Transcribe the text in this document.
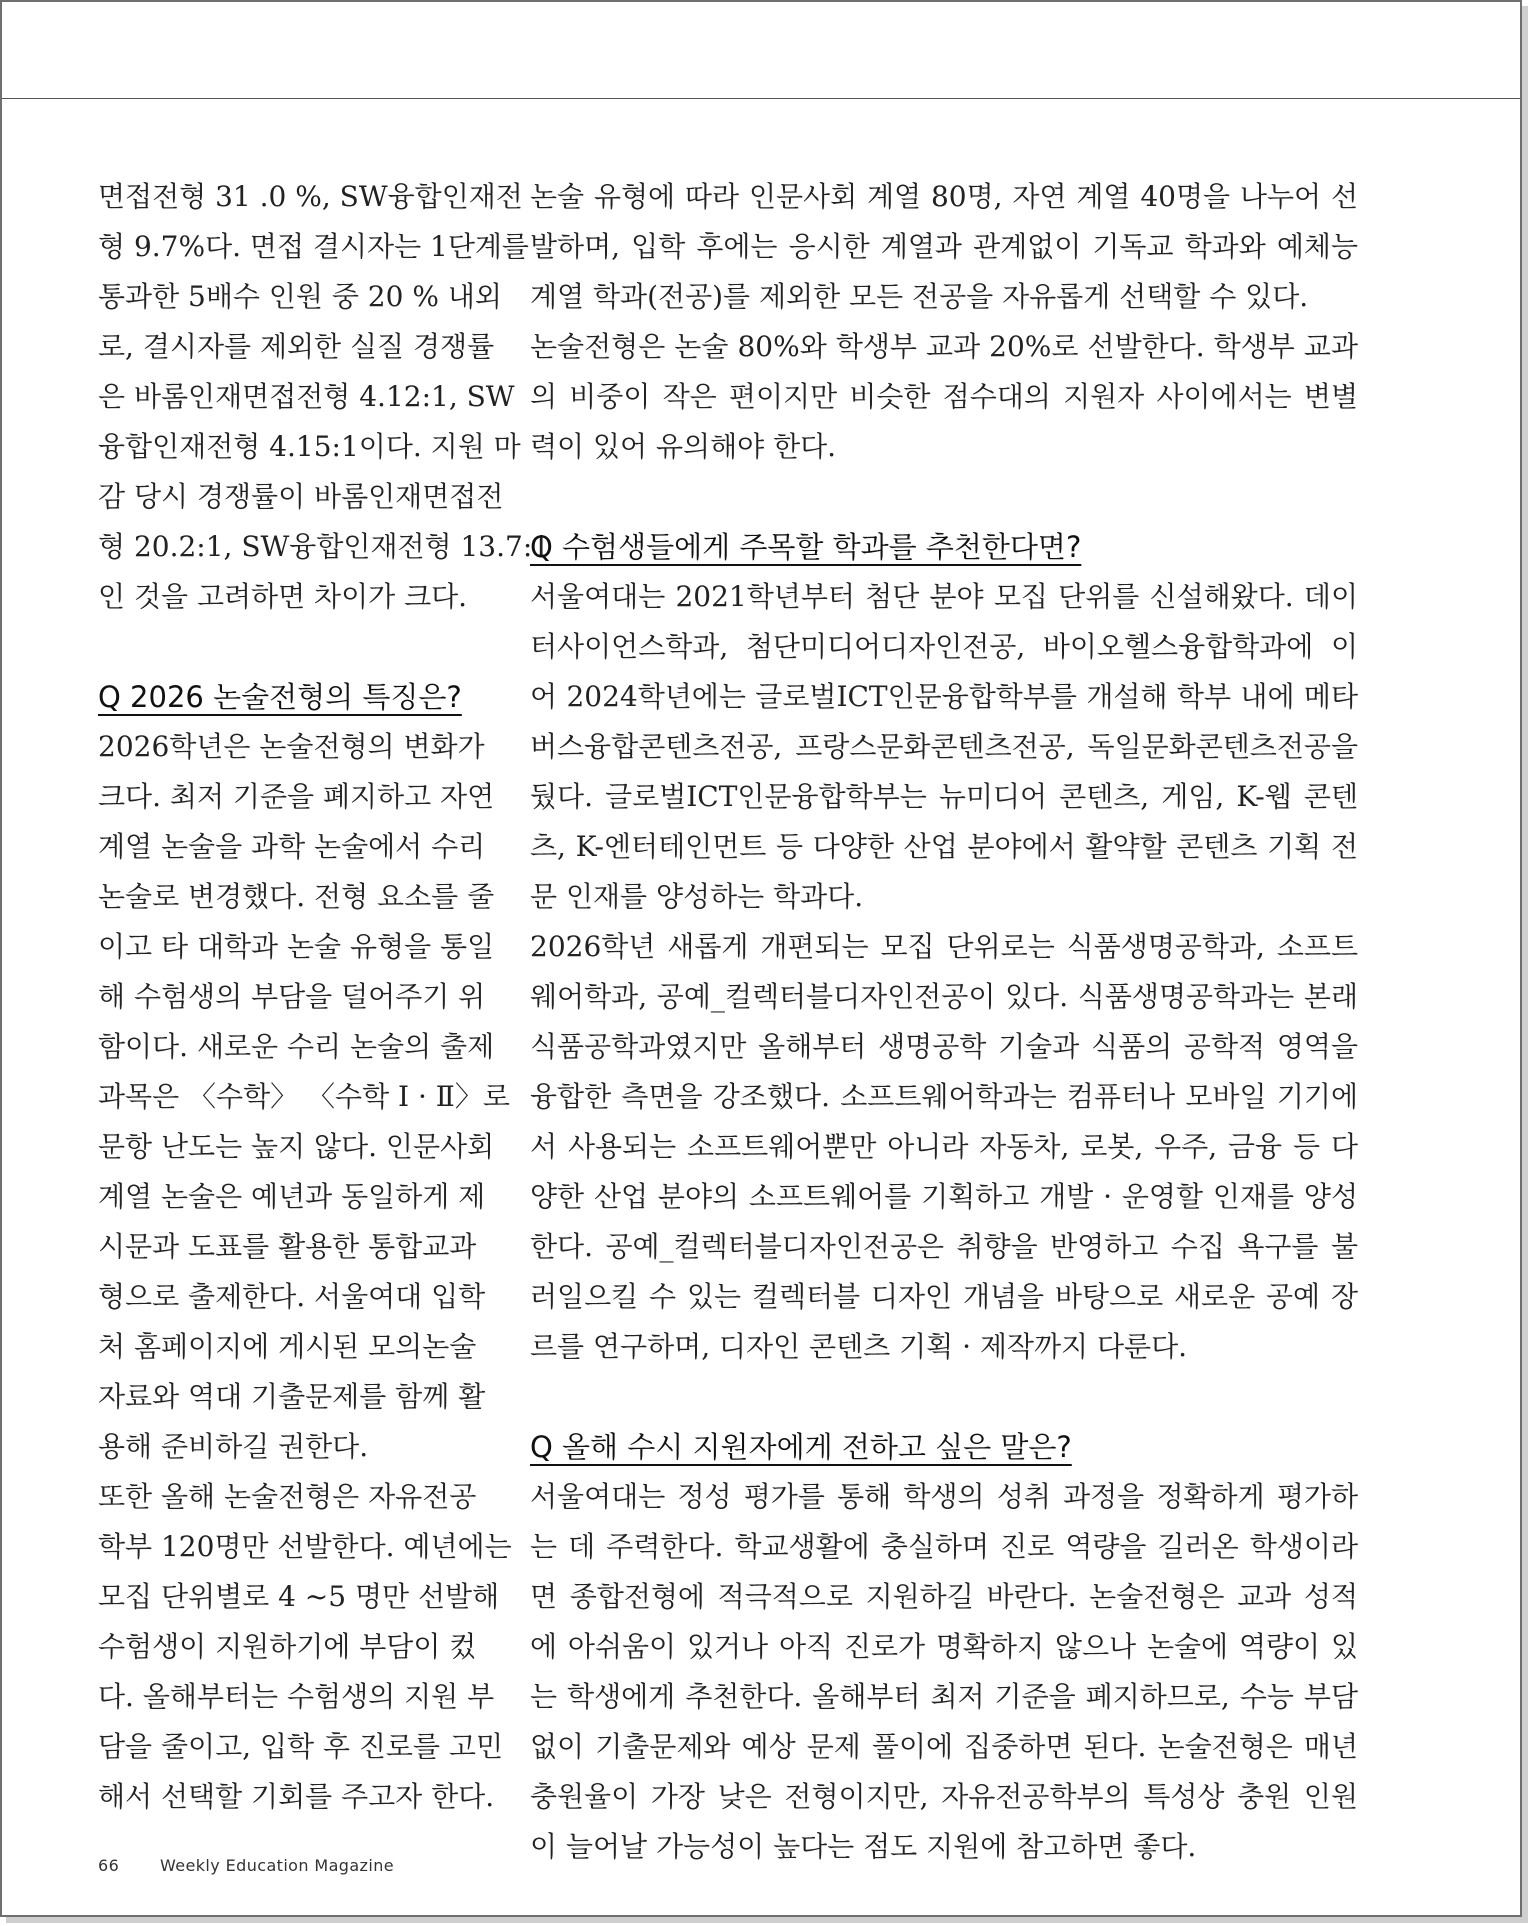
면접전형 31 .0 %, SW융합인재전

형 9.7%다. 면접 결시자는 1단계를

통과한 5배수 인원 중 20 % 내외

로, 결시자를 제외한 실질 경쟁률

은 바롬인재면접전형 4.12:1, SW

융합인재전형 4.15:1이다. 지원 마

감 당시 경쟁률이 바롬인재면접전

형 20.2:1, SW융합인재전형 13.7:1

인 것을 고려하면 차이가 크다.

Q 2026 논술전형의 특징은?

2026학년은 논술전형의 변화가

크다. 최저 기준을 폐지하고 자연

계열 논술을 과학 논술에서 수리

논술로 변경했다. 전형 요소를 줄

이고 타 대학과 논술 유형을 통일

해 수험생의 부담을 덜어주기 위

함이다. 새로운 수리 논술의 출제

과목은 〈수학〉 〈수학 Ⅰ · Ⅱ〉로

문항 난도는 높지 않다. 인문사회

계열 논술은 예년과 동일하게 제

시문과 도표를 활용한 통합교과

형으로 출제한다. 서울여대 입학

처 홈페이지에 게시된 모의논술

자료와 역대 기출문제를 함께 활

용해 준비하길 권한다.

또한 올해 논술전형은 자유전공

학부 120명만 선발한다. 예년에는

모집 단위별로 4 ~5 명만 선발해

수험생이 지원하기에 부담이 컸

다. 올해부터는 수험생의 지원 부

담을 줄이고, 입학 후 진로를 고민

해서 선택할 기회를 주고자 한다.

논술 유형에 따라 인문사회 계열 80명, 자연 계열 40명을 나누어 선발하며, 입학 후에는 응시한 계열과 관계없이 기독교 학과와 예체능 계열 학과(전공)를 제외한 모든 전공을 자유롭게 선택할 수 있다.

논술전형은 논술 80%와 학생부 교과 20%로 선발한다. 학생부 교과의 비중이 작은 편이지만 비슷한 점수대의 지원자 사이에서는 변별력이 있어 유의해야 한다.

Q 수험생들에게 주목할 학과를 추천한다면?

서울여대는 2021학년부터 첨단 분야 모집 단위를 신설해왔다. 데이터사이언스학과, 첨단미디어디자인전공, 바이오헬스융합학과에 이어 2024학년에는 글로벌ICT인문융합학부를 개설해 학부 내에 메타버스융합콘텐츠전공, 프랑스문화콘텐츠전공, 독일문화콘텐츠전공을 뒀다. 글로벌ICT인문융합학부는 뉴미디어 콘텐츠, 게임, K-웹 콘텐츠, K-엔터테인먼트 등 다양한 산업 분야에서 활약할 콘텐츠 기획 전문 인재를 양성하는 학과다.

2026학년 새롭게 개편되는 모집 단위로는 식품생명공학과, 소프트웨어학과, 공예_컬렉터블디자인전공이 있다. 식품생명공학과는 본래 식품공학과였지만 올해부터 생명공학 기술과 식품의 공학적 영역을 융합한 측면을 강조했다. 소프트웨어학과는 컴퓨터나 모바일 기기에서 사용되는 소프트웨어뿐만 아니라 자동차, 로봇, 우주, 금융 등 다양한 산업 분야의 소프트웨어를 기획하고 개발 · 운영할 인재를 양성한다. 공예_컬렉터블디자인전공은 취향을 반영하고 수집 욕구를 불러일으킬 수 있는 컬렉터블 디자인 개념을 바탕으로 새로운 공예 장르를 연구하며, 디자인 콘텐츠 기획 · 제작까지 다룬다.

Q 올해 수시 지원자에게 전하고 싶은 말은?

서울여대는 정성 평가를 통해 학생의 성취 과정을 정확하게 평가하는 데 주력한다. 학교생활에 충실하며 진로 역량을 길러온 학생이라면 종합전형에 적극적으로 지원하길 바란다. 논술전형은 교과 성적에 아쉬움이 있거나 아직 진로가 명확하지 않으나 논술에 역량이 있는 학생에게 추천한다. 올해부터 최저 기준을 폐지하므로, 수능 부담 없이 기출문제와 예상 문제 풀이에 집중하면 된다. 논술전형은 매년 충원율이 가장 낮은 전형이지만, 자유전공학부의 특성상 충원 인원이 늘어날 가능성이 높다는 점도 지원에 참고하면 좋다.

66	Weekly Education Magazine
